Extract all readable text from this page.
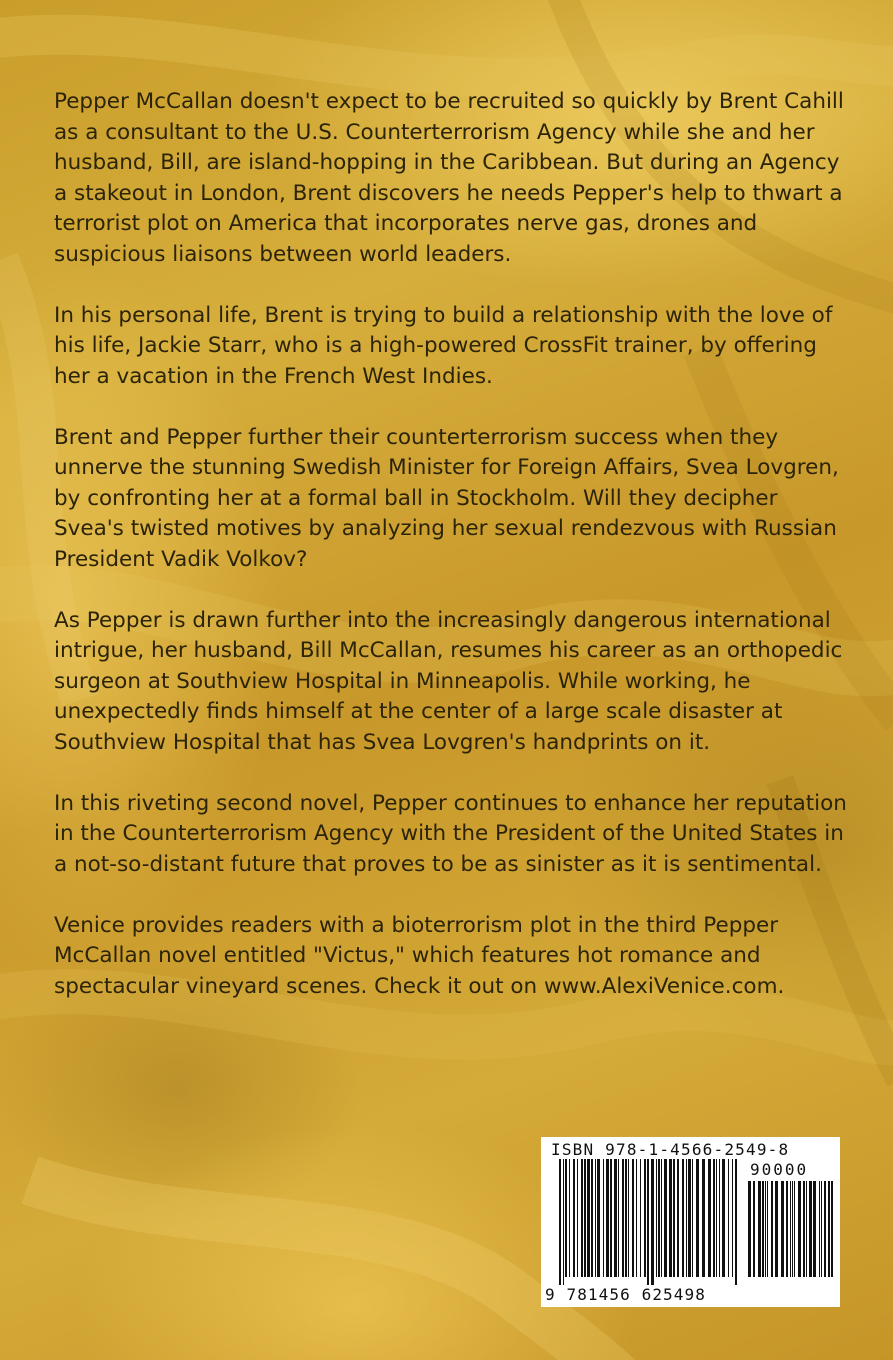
Pepper McCallan doesn't expect to be recruited so quickly by Brent Cahill as a consultant to the U.S. Counterterrorism Agency while she and her husband, Bill, are island-hopping in the Caribbean. But during an Agency a stakeout in London, Brent discovers he needs Pepper's help to thwart a terrorist plot on America that incorporates nerve gas, drones and suspicious liaisons between world leaders.

In his personal life, Brent is trying to build a relationship with the love of his life, Jackie Starr, who is a high-powered CrossFit trainer, by offering her a vacation in the French West Indies.

Brent and Pepper further their counterterrorism success when they unnerve the stunning Swedish Minister for Foreign Affairs, Svea Lovgren, by confronting her at a formal ball in Stockholm. Will they decipher Svea's twisted motives by analyzing her sexual rendezvous with Russian President Vadik Volkov?

As Pepper is drawn further into the increasingly dangerous international intrigue, her husband, Bill McCallan, resumes his career as an orthopedic surgeon at Southview Hospital in Minneapolis. While working, he unexpectedly finds himself at the center of a large scale disaster at Southview Hospital that has Svea Lovgren's handprints on it.

In this riveting second novel, Pepper continues to enhance her reputation in the Counterterrorism Agency with the President of the United States in a not-so-distant future that proves to be as sinister as it is sentimental.

Venice provides readers with a bioterrorism plot in the third Pepper McCallan novel entitled "Victus," which features hot romance and spectacular vineyard scenes. Check it out on www.AlexiVenice.com.

ISBN 978-1-4566-2549-8
90000
9 781456 625498
